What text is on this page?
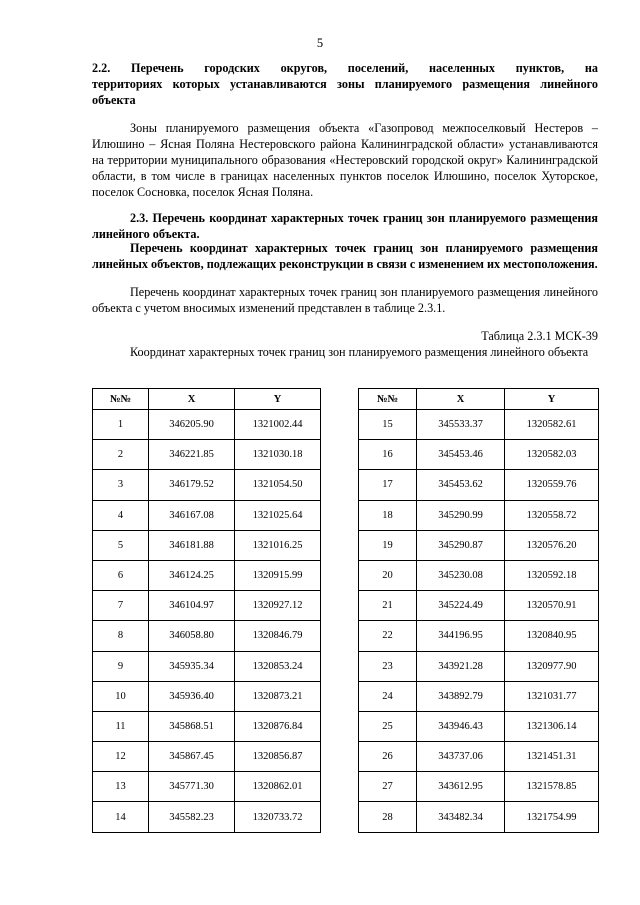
5
2.2. Перечень городских округов, поселений, населенных пунктов, на
территориях которых устанавливаются зоны планируемого размещения линейного объекта
Зоны планируемого размещения объекта «Газопровод межпоселковый Нестеров – Илюшино – Ясная Поляна Нестеровского района Калининградской области» устанавливаются на территории муниципального образования «Нестеровский городской округ» Калининградской области, в том числе в границах населенных пунктов поселок Илюшино, поселок Хуторское, поселок Сосновка, поселок Ясная Поляна.
2.3. Перечень координат характерных точек границ зон планируемого размещения линейного объекта.
Перечень координат характерных точек границ зон планируемого размещения линейных объектов, подлежащих реконструкции в связи с изменением их местоположения.
Перечень координат характерных точек границ зон планируемого размещения линейного объекта с учетом вносимых изменений представлен в таблице 2.3.1.
Таблица 2.3.1 МСК-39
Координат характерных точек границ зон планируемого размещения линейного объекта
№№	X	Y
1	346205.90	1321002.44
2	346221.85	1321030.18
3	346179.52	1321054.50
4	346167.08	1321025.64
5	346181.88	1321016.25
6	346124.25	1320915.99
7	346104.97	1320927.12
8	346058.80	1320846.79
9	345935.34	1320853.24
10	345936.40	1320873.21
11	345868.51	1320876.84
12	345867.45	1320856.87
13	345771.30	1320862.01
14	345582.23	1320733.72
№№	X	Y
15	345533.37	1320582.61
16	345453.46	1320582.03
17	345453.62	1320559.76
18	345290.99	1320558.72
19	345290.87	1320576.20
20	345230.08	1320592.18
21	345224.49	1320570.91
22	344196.95	1320840.95
23	343921.28	1320977.90
24	343892.79	1321031.77
25	343946.43	1321306.14
26	343737.06	1321451.31
27	343612.95	1321578.85
28	343482.34	1321754.99
